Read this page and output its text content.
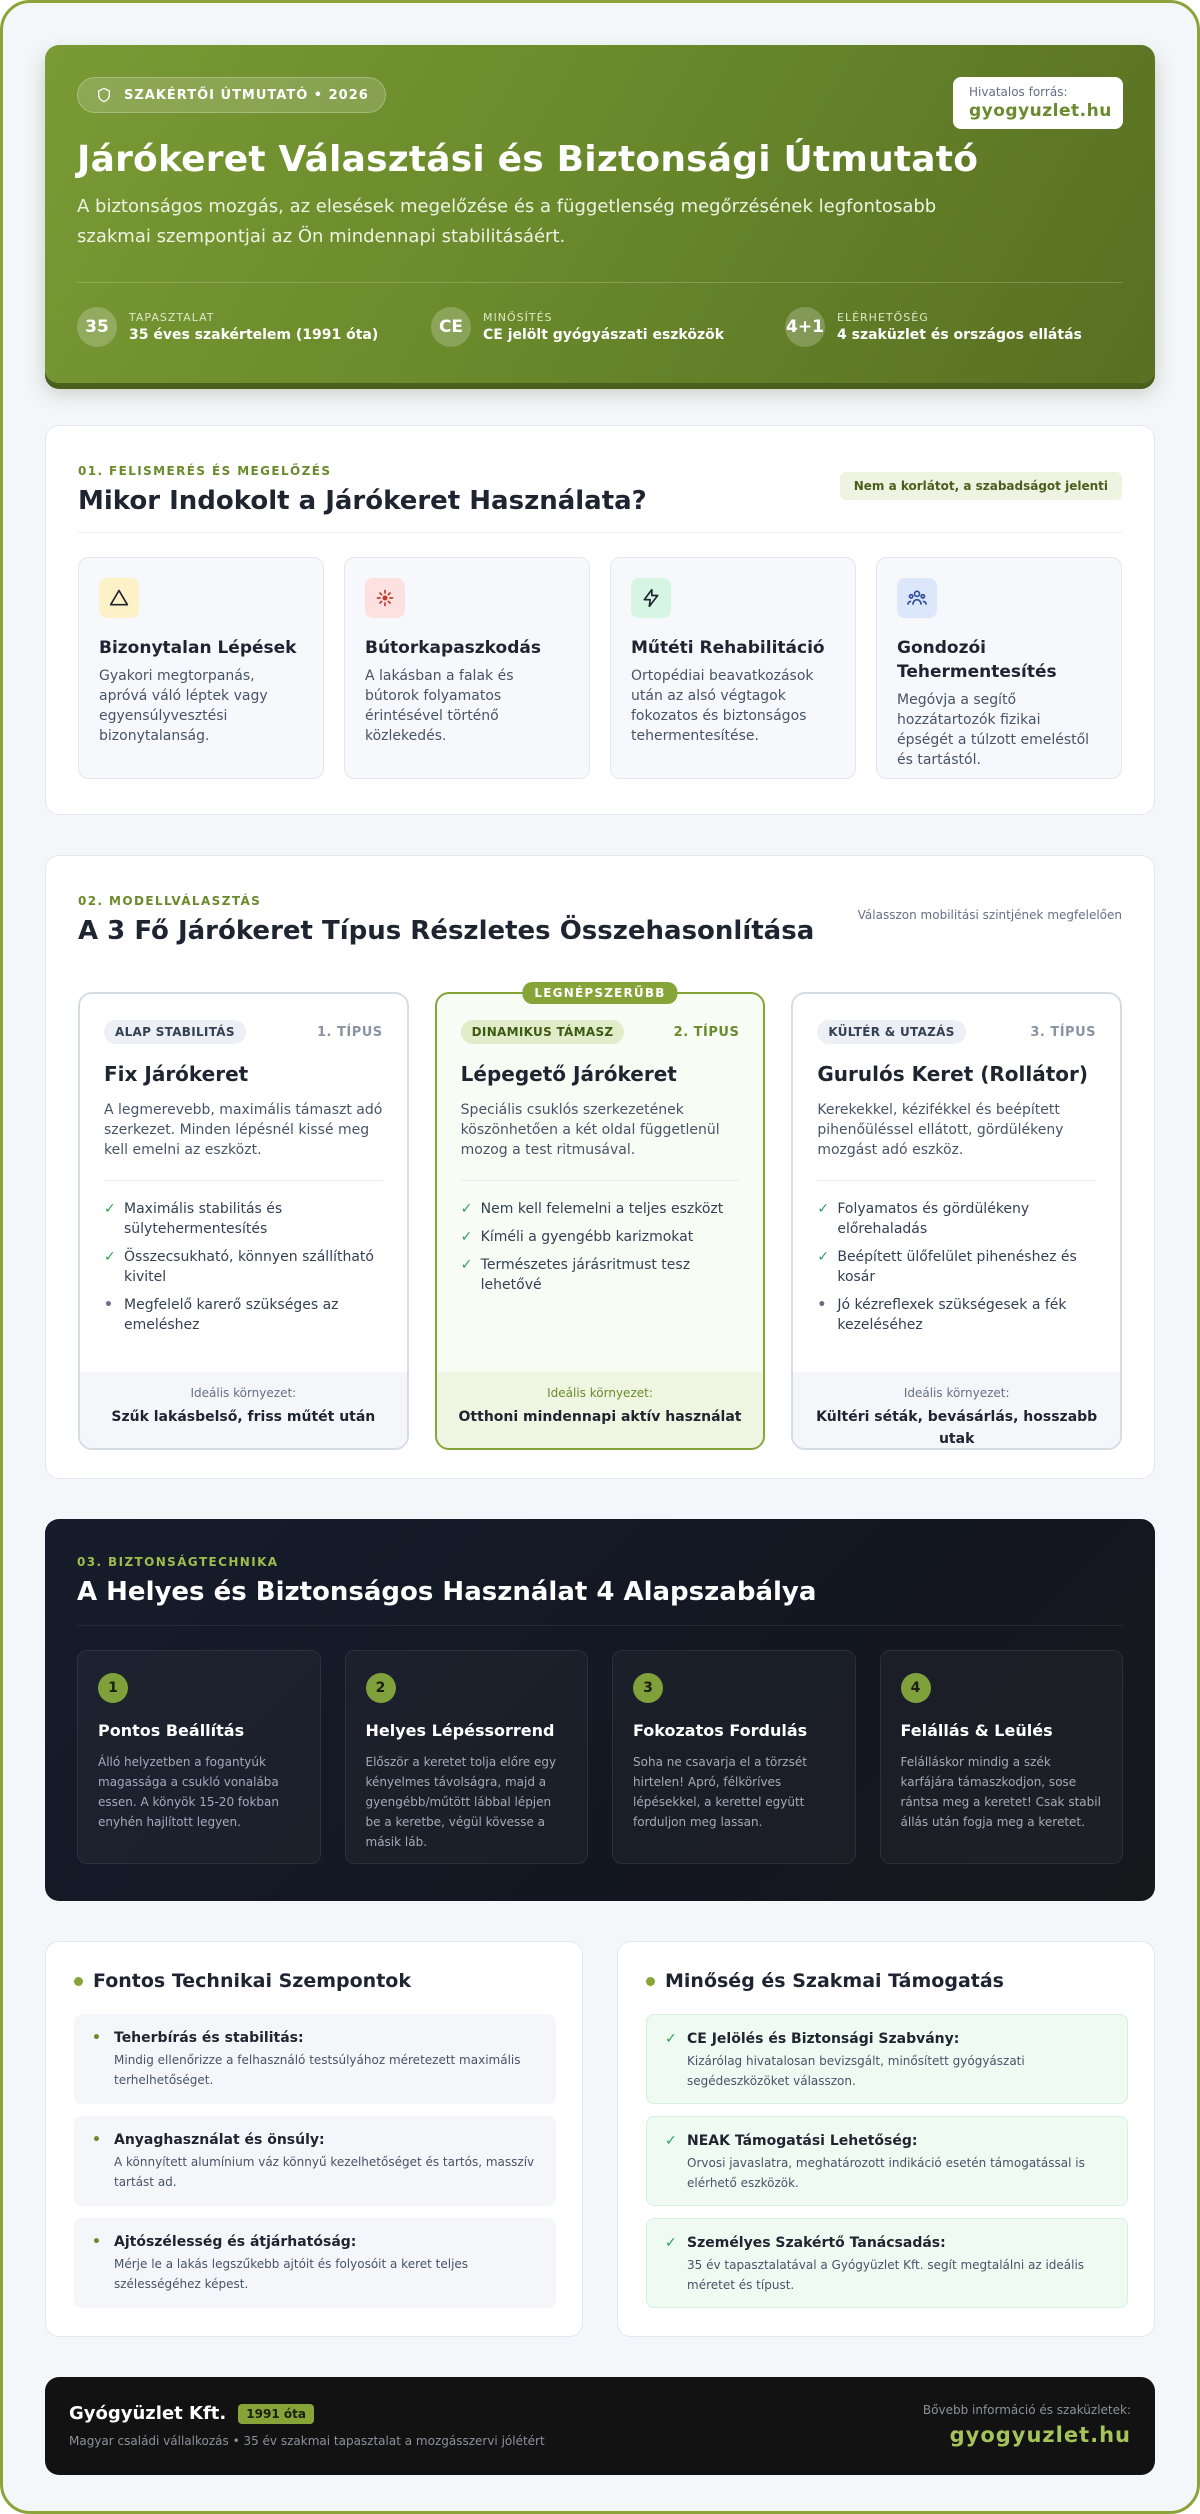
SZAKÉRTŐI ÚTMUTATÓ • 2026	Hivatalos forrás:
gyogyuzlet.hu
Járókeret Választási és Biztonsági Útmutató

A biztonságos mozgás, az elesések megelőzése és a függetlenség megőrzésének legfontosabb szakmai szempontjai az Ön mindennapi stabilitásáért.

35	TAPASZTALAT
35 éves szakértelem (1991 óta)	CE	MINŐSÍTÉS
CE jelölt gyógyászati eszközök	4+1 ELÉRHETŐSÉG
4 szaküzlet és országos ellátás
01. FELISMERÉS ÉS MEGELŐZÉS
Mikor Indokolt a Járókeret Használata?	Nem a korlátot, a szabadságot jelenti
Bizonytalan Lépések
Gyakori megtorpanás, apróvá váló léptek vagy egyensúlyvesztési bizonytalanság.
Bútorkapaszkodás
A lakásban a falak és bútorok folyamatos érintésével történő közlekedés.
Műtéti Rehabilitáció
Ortopédiai beavatkozások után az alsó végtagok fokozatos és biztonságos tehermentesítése.
Gondozói Tehermentesítés
Megóvja a segítő hozzátartozók fizikai épségét a túlzott emeléstől és tartástól.
02. MODELLVÁLASZTÁS
A 3 Fő Járókeret Típus Részletes Összehasonlítása
Válasszon mobilitási szintjének megfelelően
ALAP STABILITÁS	1. TÍPUS
Fix Járókeret
A legmerevebb, maximális támaszt adó szerkezet. Minden lépésnél kissé meg kell emelni az eszközt.
✓ Maximális stabilitás és sülytehermentesítés
✓ Összecsukható, könnyen szállítható kivitel
• Megfelelő karerő szükséges az emeléshez
Ideális környezet:
Szűk lakásbelső, friss műtét után
LEGNÉPSZERŰBB
DINAMIKUS TÁMASZ	2. TÍPUS
Lépegető Járókeret
Speciális csuklós szerkezetének köszönhetően a két oldal függetlenül mozog a test ritmusával.
✓ Nem kell felemelni a teljes eszközt
✓ Kíméli a gyengébb karizmokat
✓ Természetes járásritmust tesz lehetővé
Ideális környezet:
Otthoni mindennapi aktív használat
KÜLTÉR & UTAZÁS	3. TÍPUS
Gurulós Keret (Rollátor)
Kerekekkel, kézifékkel és beépített pihenőüléssel ellátott, gördülékeny mozgást adó eszköz.
✓ Folyamatos és gördülékeny előrehaladás
✓ Beépített ülőfelület pihenéshez és kosár
• Jó kézreflexek szükségesek a fék kezeléséhez
Ideális környezet:
Kültéri séták, bevásárlás, hosszabb utak
03. BIZTONSÁGTECHNIKA
A Helyes és Biztonságos Használat 4 Alapszabálya
1
Pontos Beállítás
Álló helyzetben a fogantyúk magassága a csukló vonalába essen. A könyök 15-20 fokban enyhén hajlított legyen.
2
Helyes Lépéssorrend
Először a keretet tolja előre egy kényelmes távolságra, majd a gyengébb/műtött lábbal lépjen be a keretbe, végül kövesse a másik láb.
3
Fokozatos Fordulás
Soha ne csavarja el a törzsét hirtelen! Apró, félköríves lépésekkel, a kerettel együtt forduljon meg lassan.
4
Felállás & Leülés
Felálláskor mindig a szék karfájára támaszkodjon, sose rántsa meg a keretet! Csak stabil állás után fogja meg a keretet.
Fontos Technikai Szempontok
• Teherbírás és stabilitás:
Mindig ellenőrizze a felhasználó testsúlyához méretezett maximális terhelhetőséget.
• Anyaghasználat és önsúly:
A könnyített alumínium váz könnyű kezelhetőséget és tartós, masszív tartást ad.
• Ajtószélesség és átjárhatóság:
Mérje le a lakás legszűkebb ajtóit és folyosóit a keret teljes szélességéhez képest.
Minőség és Szakmai Támogatás
✓ CE Jelölés és Biztonsági Szabvány:
Kizárólag hivatalosan bevizsgált, minősített gyógyászati segédeszközöket válasszon.
✓ NEAK Támogatási Lehetőség:
Orvosi javaslatra, meghatározott indikáció esetén támogatással is elérhető eszközök.
✓ Személyes Szakértő Tanácsadás:
35 év tapasztalatával a Gyógyüzlet Kft. segít megtalálni az ideális méretet és típust.
Gyógyüzlet Kft.	1991 óta
Magyar családi vállalkozás • 35 év szakmai tapasztalat a mozgásszervi jólétért
Bővebb információ és szaküzletek:
gyogyuzlet.hu
